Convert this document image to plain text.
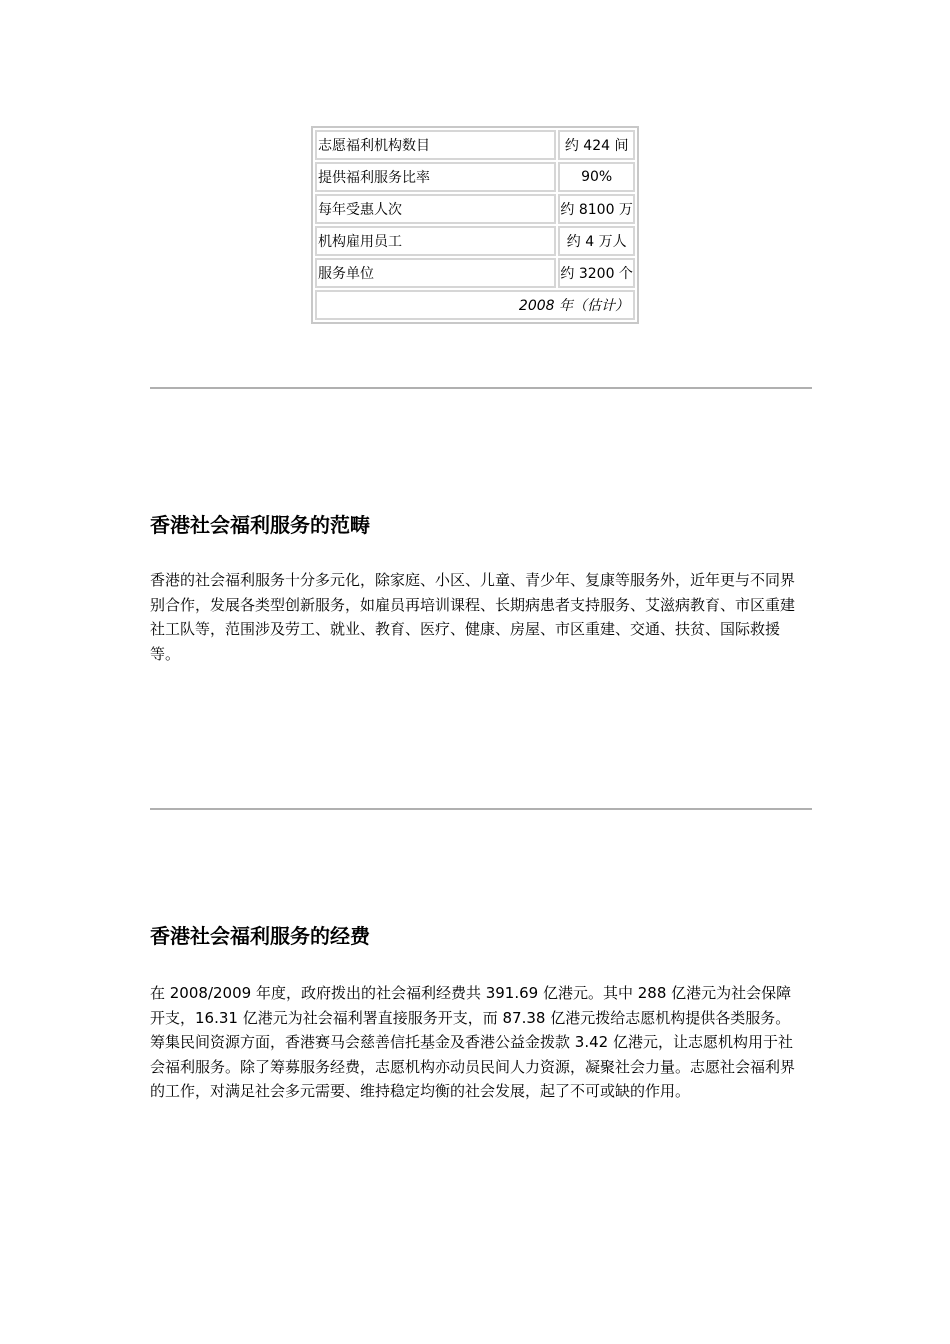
志愿福利机构数目	约 424 间
提供福利服务比率	90%
每年受惠人次	约 8100 万
机构雇用员工	约 4 万人
服务单位	约 3200 个
2008 年（估计）	
香港社会福利服务的范畴

香港的社会福利服务十分多元化，除家庭、小区、儿童、青少年、复康等服务外，近年更与不同界别合作，发展各类型创新服务，如雇员再培训课程、长期病患者支持服务、艾滋病教育、市区重建社工队等，范围涉及劳工、就业、教育、医疗、健康、房屋、市区重建、交通、扶贫、国际救援等。

香港社会福利服务的经费

在 2008/2009 年度，政府拨出的社会福利经费共 391.69 亿港元。其中 288 亿港元为社会保障开支，16.31 亿港元为社会福利署直接服务开支，而 87.38 亿港元拨给志愿机构提供各类服务。筹集民间资源方面，香港赛马会慈善信托基金及香港公益金拨款 3.42 亿港元，让志愿机构用于社会福利服务。除了筹募服务经费，志愿机构亦动员民间人力资源，凝聚社会力量。志愿社会福利界的工作，对满足社会多元需要、维持稳定均衡的社会发展，起了不可或缺的作用。
